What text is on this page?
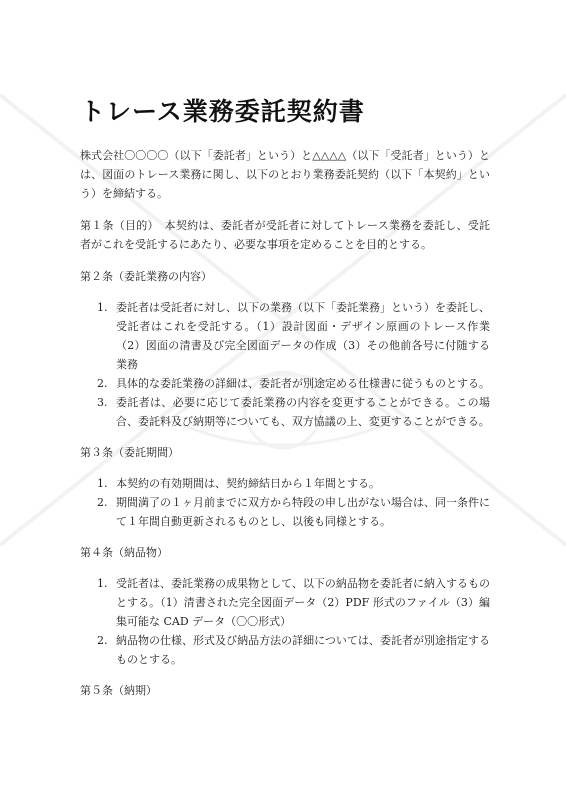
トレース業務委託契約書

株式会社〇〇〇〇（以下「委託者」という）と△△△△（以下「受託者」という）とは、図面のトレース業務に関し、以下のとおり業務委託契約（以下「本契約」という）を締結する。

第１条（目的）　本契約は、委託者が受託者に対してトレース業務を委託し、受託者がこれを受託するにあたり、必要な事項を定めることを目的とする。

第２条（委託業務の内容）

1. 委託者は受託者に対し、以下の業務（以下「委託業務」という）を委託し、受託者はこれを受託する。（1）設計図面・デザイン原画のトレース作業（2）図面の清書及び完全図面データの作成（3）その他前各号に付随する業務
2. 具体的な委託業務の詳細は、委託者が別途定める仕様書に従うものとする。
3. 委託者は、必要に応じて委託業務の内容を変更することができる。この場合、委託料及び納期等についても、双方協議の上、変更することができる。

第３条（委託期間）

1. 本契約の有効期間は、契約締結日から１年間とする。
2. 期間満了の１ヶ月前までに双方から特段の申し出がない場合は、同一条件にて１年間自動更新されるものとし、以後も同様とする。

第４条（納品物）

1. 受託者は、委託業務の成果物として、以下の納品物を委託者に納入するものとする。（1）清書された完全図面データ（2）PDF 形式のファイル（3）編集可能な CAD データ（〇〇形式）
2. 納品物の仕様、形式及び納品方法の詳細については、委託者が別途指定するものとする。

第５条（納期）
